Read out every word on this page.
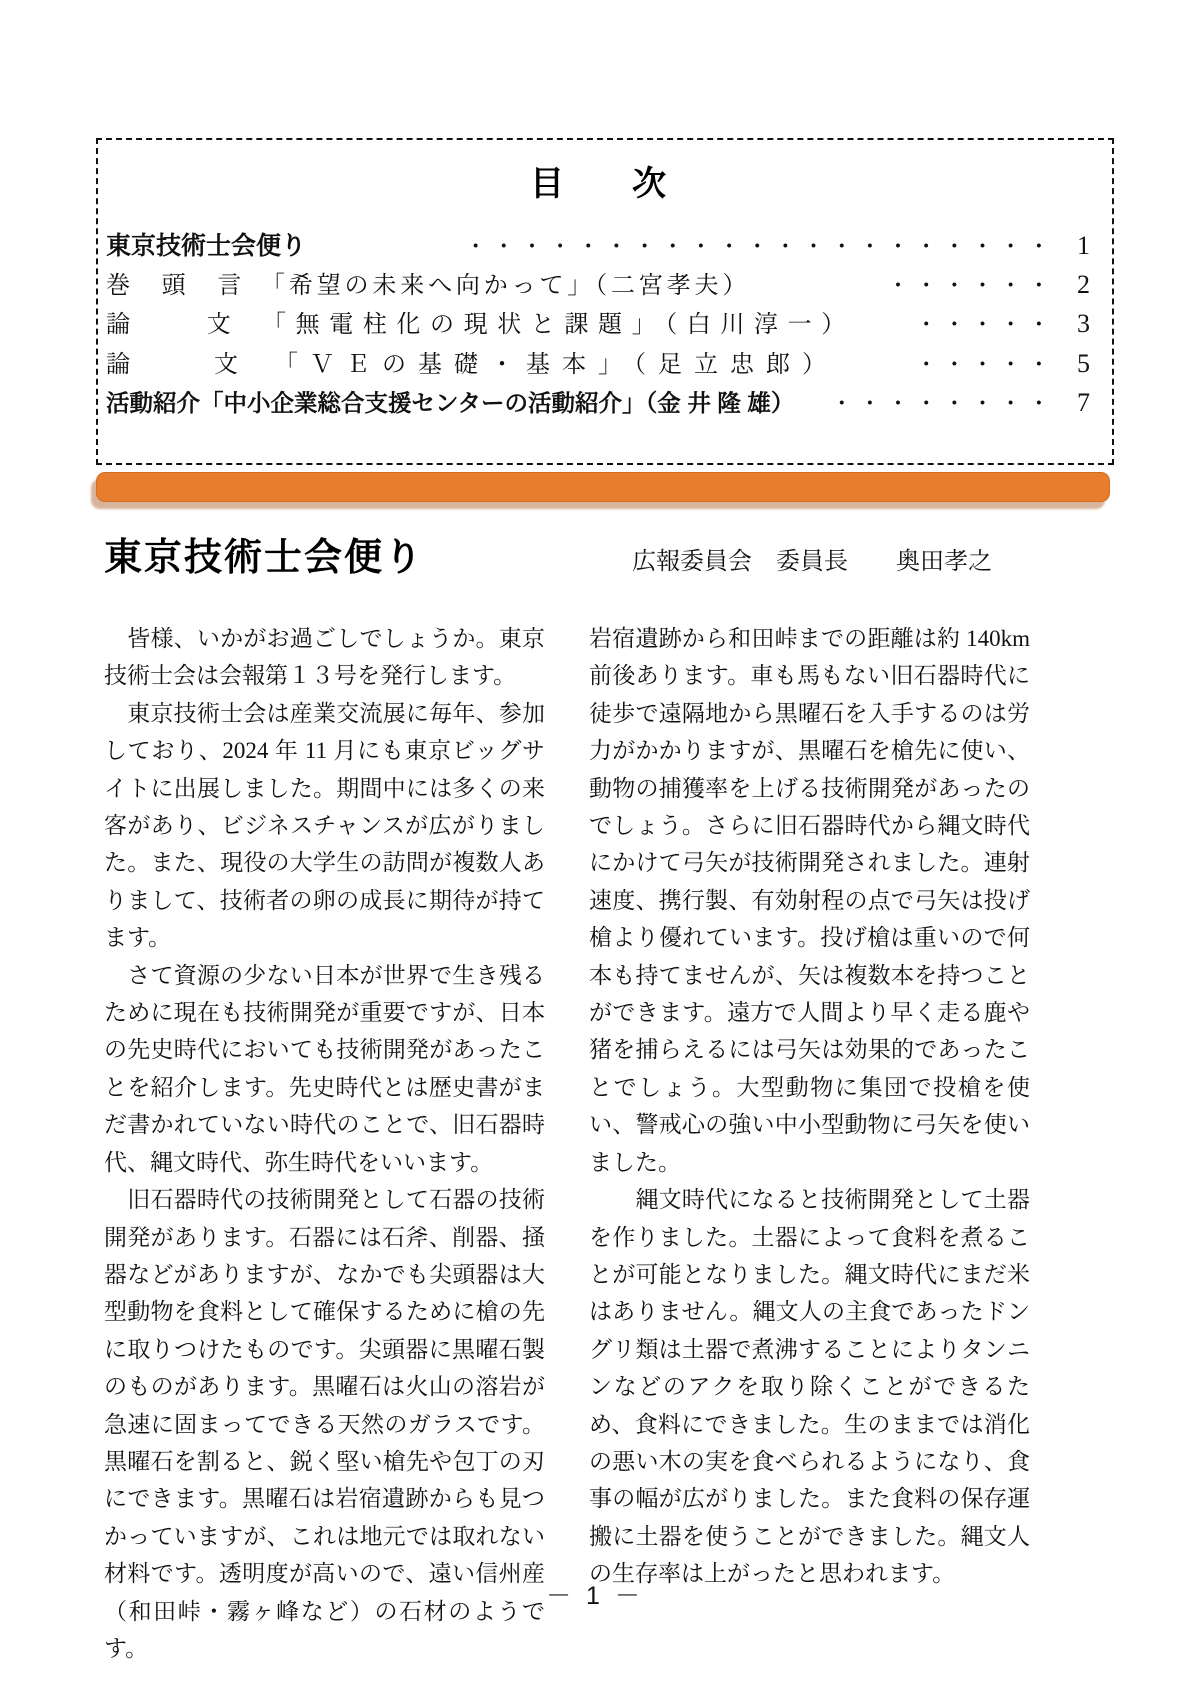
目　　次
東京技術士会便り	・・・・・・・・・・・・・・・・・・・・・ 1
巻　頭　言　「希望の未来へ向かって」（二宮孝夫）	・・・・・・ 2
論　　文　「無電柱化の現状と課題」（白川淳一）	・・・・・ 3
論　　文　「ＶＥの基礎・基本」（足立忠郎）	・・・・・ 5
活動紹介「中小企業総合支援センターの活動紹介」（金 井 隆 雄）	・・・・・・・・ 7
東京技術士会便り	広報委員会　委員長　　奥田孝之

　皆様、いかがお過ごしでしょうか。東京技術士会は会報第１３号を発行します。

　東京技術士会は産業交流展に毎年、参加しており、2024 年 11 月にも東京ビッグサイトに出展しました。期間中には多くの来客があり、ビジネスチャンスが広がりました。また、現役の大学生の訪問が複数人ありまして、技術者の卵の成長に期待が持てます。

　さて資源の少ない日本が世界で生き残るために現在も技術開発が重要ですが、日本の先史時代においても技術開発があったことを紹介します。先史時代とは歴史書がまだ書かれていない時代のことで、旧石器時代、縄文時代、弥生時代をいいます。

　旧石器時代の技術開発として石器の技術開発があります。石器には石斧、削器、掻器などがありますが、なかでも尖頭器は大型動物を食料として確保するために槍の先に取りつけたものです。尖頭器に黒曜石製のものがあります。黒曜石は火山の溶岩が急速に固まってできる天然のガラスです。黒曜石を割ると、鋭く堅い槍先や包丁の刃にできます。黒曜石は岩宿遺跡からも見つかっていますが、これは地元では取れない材料です。透明度が高いので、遠い信州産（和田峠・霧ヶ峰など）の石材のようです。

岩宿遺跡から和田峠までの距離は約 140km 前後あります。車も馬もない旧石器時代に徒歩で遠隔地から黒曜石を入手するのは労力がかかりますが、黒曜石を槍先に使い、動物の捕獲率を上げる技術開発があったのでしょう。さらに旧石器時代から縄文時代にかけて弓矢が技術開発されました。連射速度、携行製、有効射程の点で弓矢は投げ槍より優れています。投げ槍は重いので何本も持てませんが、矢は複数本を持つことができます。遠方で人間より早く走る鹿や猪を捕らえるには弓矢は効果的であったことでしょう。大型動物に集団で投槍を使い、警戒心の強い中小型動物に弓矢を使いました。

　　縄文時代になると技術開発として土器を作りました。土器によって食料を煮ることが可能となりました。縄文時代にまだ米はありません。縄文人の主食であったドングリ類は土器で煮沸することによりタンニンなどのアクを取り除くことができるため、食料にできました。生のままでは消化の悪い木の実を食べられるようになり、食事の幅が広がりました。また食料の保存運搬に土器を使うことができました。縄文人の生存率は上がったと思われます。

－ 1 －
